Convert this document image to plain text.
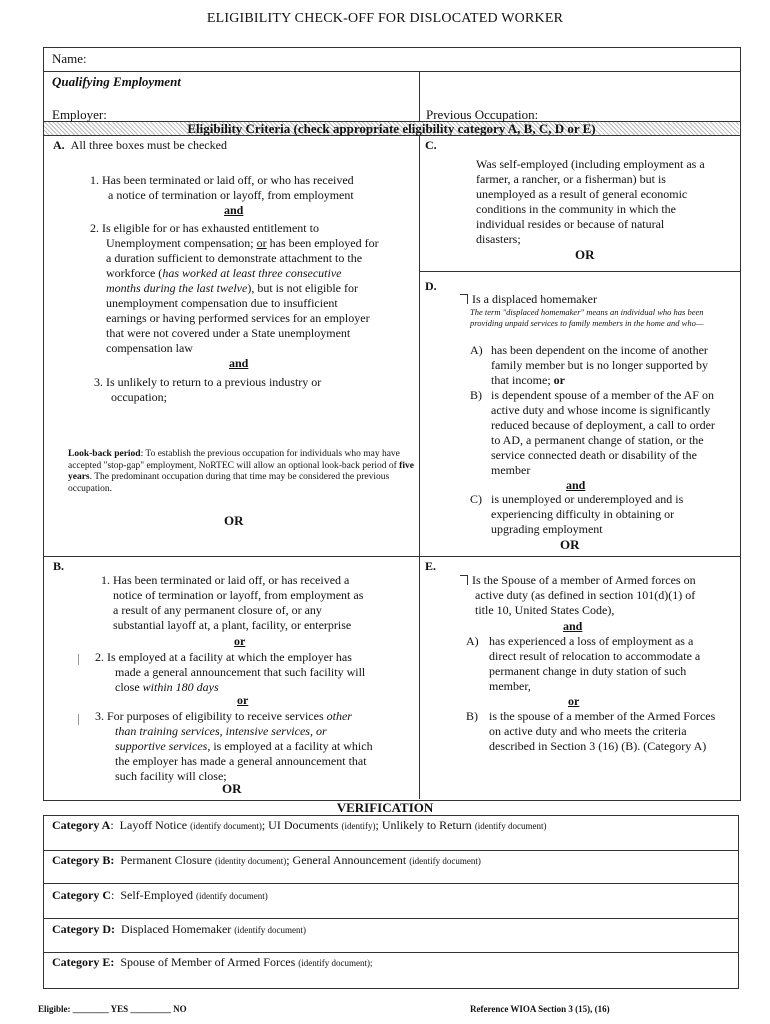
ELIGIBILITY CHECK-OFF FOR DISLOCATED WORKER
Name:
Qualifying Employment
Employer:	Previous Occupation:
Eligibility Criteria (check appropriate eligibility category A, B, C, D or E)
A. All three boxes must be checked
1. Has been terminated or laid off, or who has received
a notice of termination or layoff, from employment
and
2. Is eligible for or has exhausted entitlement to
Unemployment compensation; or has been employed for
a duration sufficient to demonstrate attachment to the
workforce (has worked at least three consecutive
months during the last twelve), but is not eligible for
unemployment compensation due to insufficient
earnings or having performed services for an employer
that were not covered under a State unemployment
compensation law
and
3. Is unlikely to return to a previous industry or
occupation;
Look-back period: To establish the previous occupation for individuals who may have accepted "stop-gap" employment, NoRTEC will allow an optional look-back period of five years. The predominant occupation during that time may be considered the previous occupation.
OR
B.
1. Has been terminated or laid off, or has received a
notice of termination or layoff, from employment as
a result of any permanent closure of, or any
substantial layoff at, a plant, facility, or enterprise
or
2. Is employed at a facility at which the employer has
made a general announcement that such facility will
close within 180 days
or
3. For purposes of eligibility to receive services other
than training services, intensive services, or
supportive services, is employed at a facility at which
the employer has made a general announcement that
such facility will close;
OR
C.
Was self-employed (including employment as a
farmer, a rancher, or a fisherman) but is
unemployed as a result of general economic
conditions in the community in which the
individual resides or because of natural
disasters;
OR
D.
Is a displaced homemaker
The term "displaced homemaker" means an individual who has been providing unpaid services to family members in the home and who—
A) has been dependent on the income of another
family member but is no longer supported by
that income; or
B) is dependent spouse of a member of the AF on
active duty and whose income is significantly
reduced because of deployment, a call to order
to AD, a permanent change of station, or the
service connected death or disability of the
member
and
C) is unemployed or underemployed and is
experiencing difficulty in obtaining or
upgrading employment
OR
E.
Is the Spouse of a member of Armed forces on
active duty (as defined in section 101(d)(1) of
title 10, United States Code),
and
A) has experienced a loss of employment as a
direct result of relocation to accommodate a
permanent change in duty station of such
member,
or
B) is the spouse of a member of the Armed Forces
on active duty and who meets the criteria
described in Section 3 (16) (B). (Category A)
VERIFICATION
Category A:  Layoff Notice (identify document); UI Documents (identify); Unlikely to Return (identify document)
Category B: Permanent Closure (identity document); General Announcement (identify document)
Category C:  Self-Employed (identify document)
Category D: Displaced Homemaker (identify document)
Category E: Spouse of Member of Armed Forces (identify document);
Eligible: ________ YES _________ NO	Reference WIOA Section 3 (15), (16)
